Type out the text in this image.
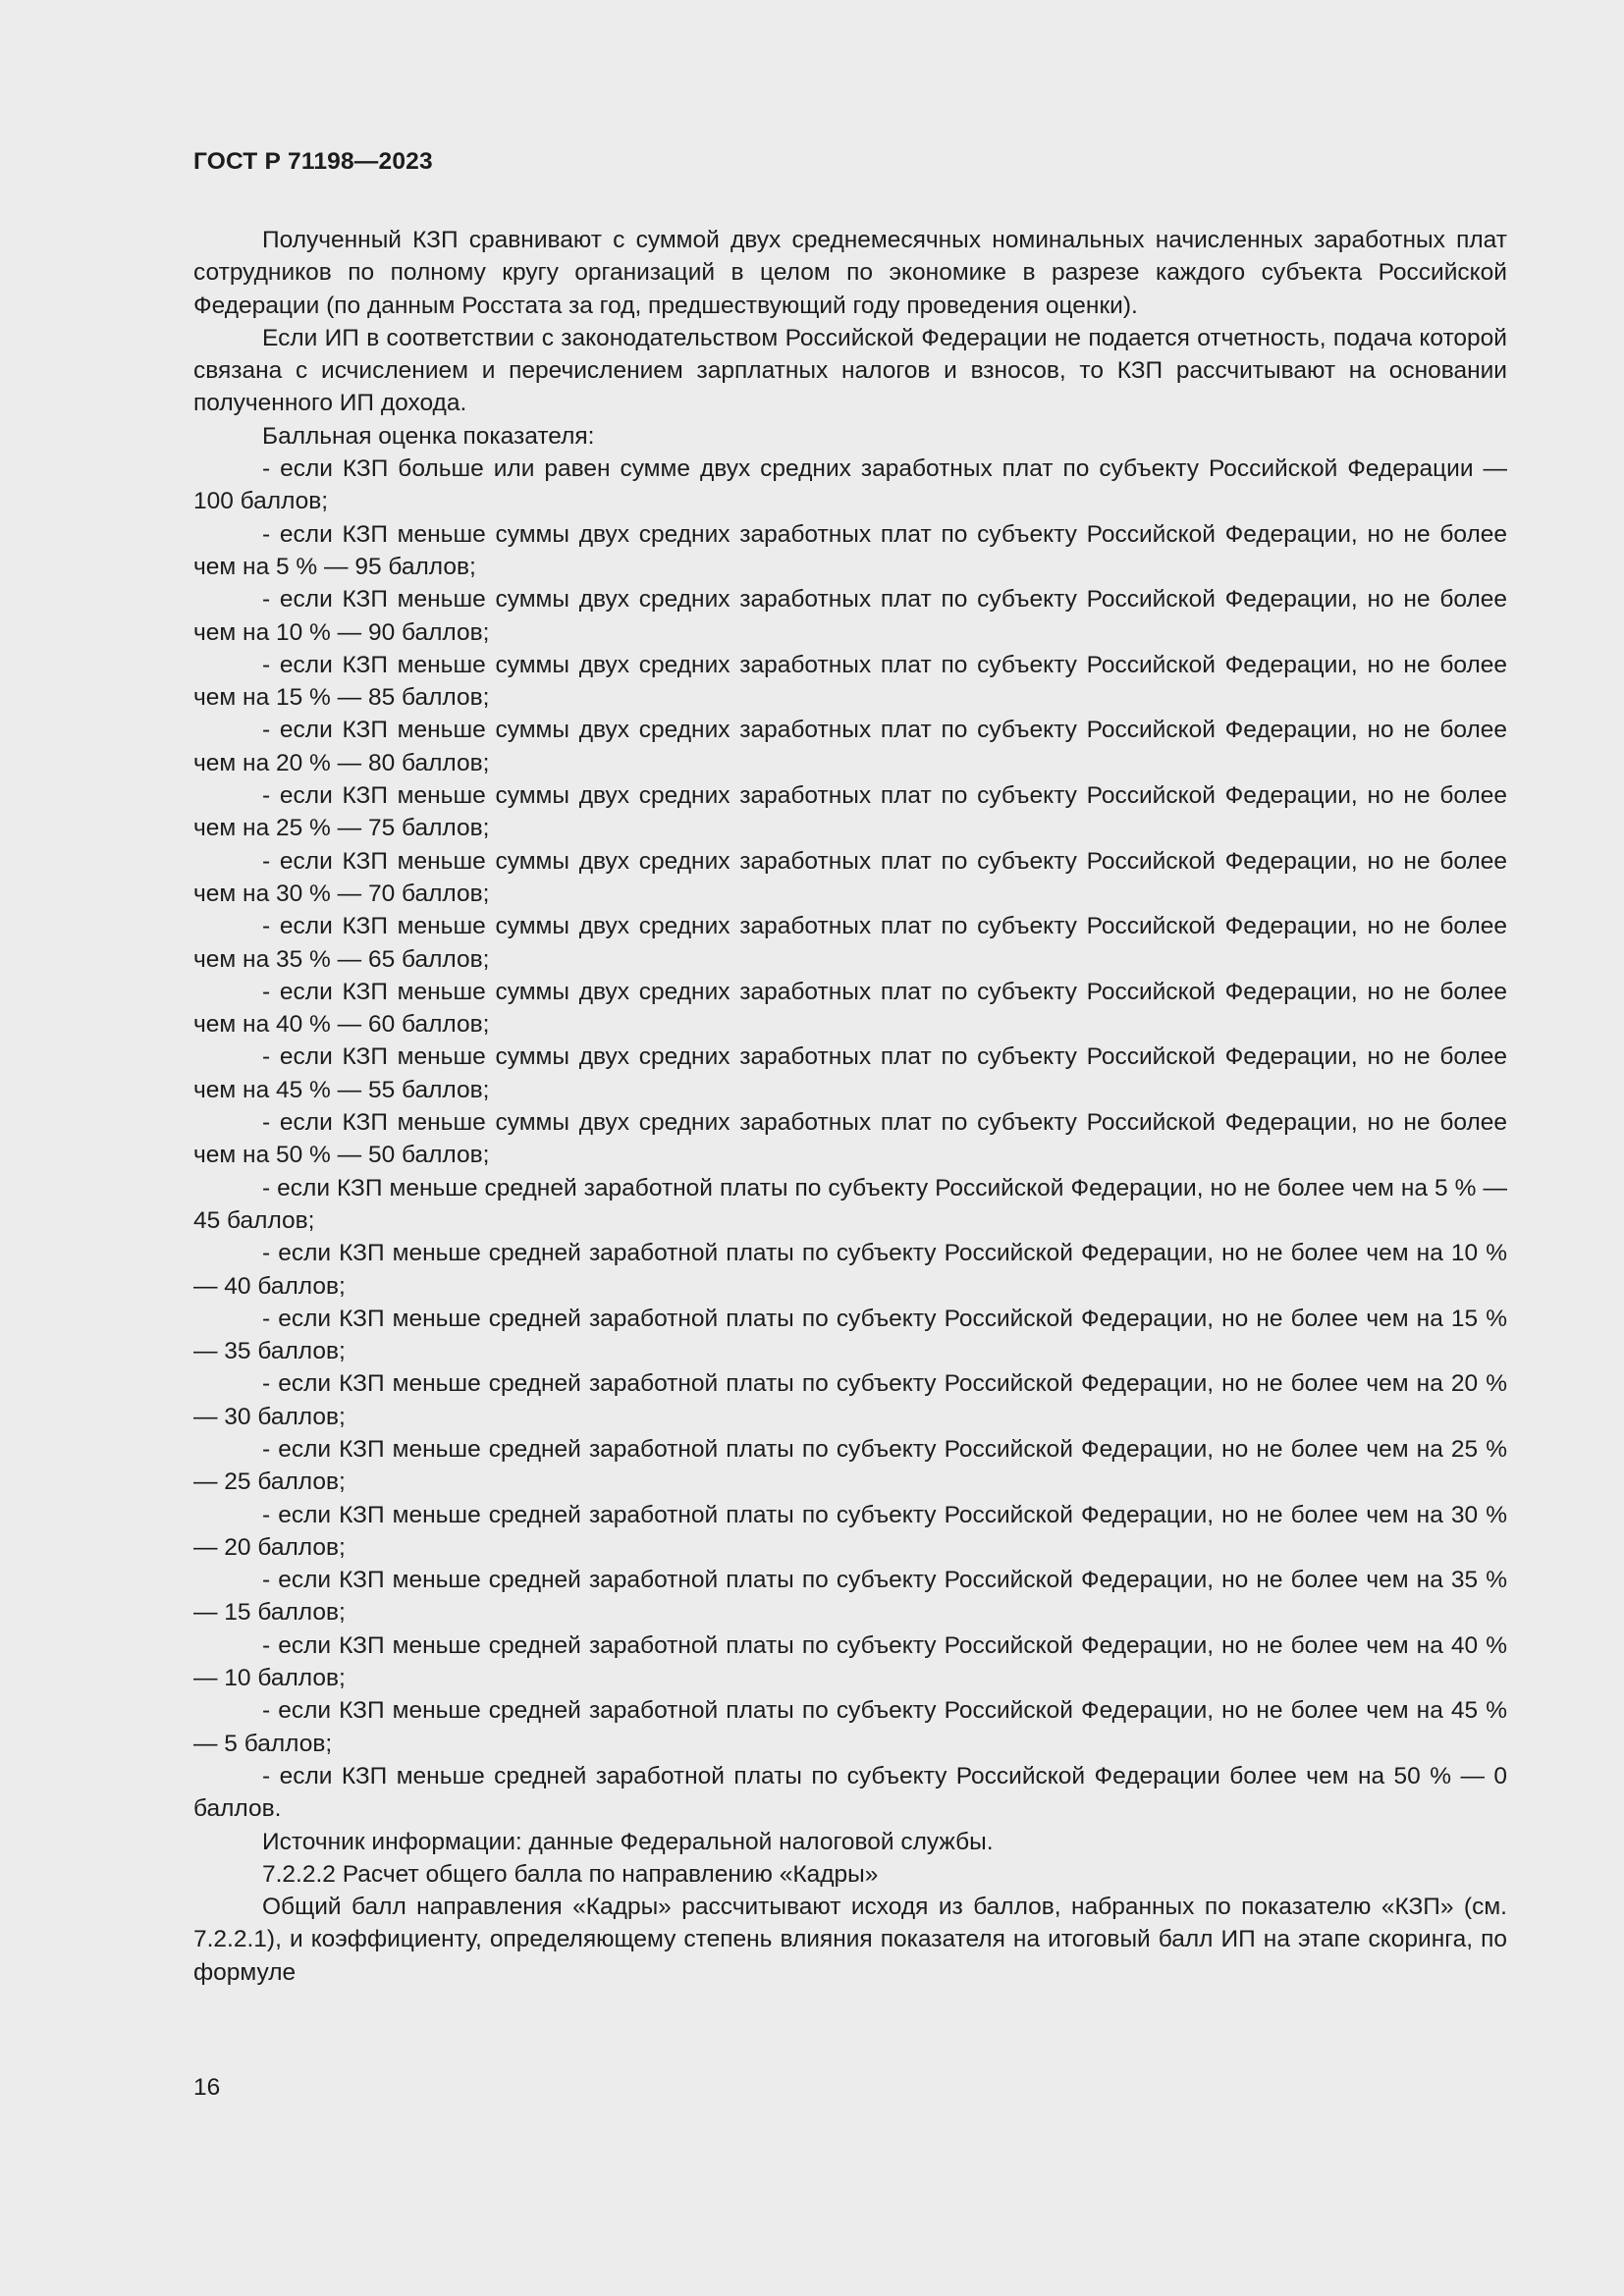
ГОСТ Р 71198—2023

Полученный КЗП сравнивают с суммой двух среднемесячных номинальных начисленных заработных плат сотрудников по полному кругу организаций в целом по экономике в разрезе каждого субъекта Российской Федерации (по данным Росстата за год, предшествующий году проведения оценки).

Если ИП в соответствии с законодательством Российской Федерации не подается отчетность, подача которой связана с исчислением и перечислением зарплатных налогов и взносов, то КЗП рассчитывают на основании полученного ИП дохода.

Балльная оценка показателя:

- если КЗП больше или равен сумме двух средних заработных плат по субъекту Российской Федерации — 100 баллов;

- если КЗП меньше суммы двух средних заработных плат по субъекту Российской Федерации, но не более чем на 5 % — 95 баллов;

- если КЗП меньше суммы двух средних заработных плат по субъекту Российской Федерации, но не более чем на 10 % — 90 баллов;

- если КЗП меньше суммы двух средних заработных плат по субъекту Российской Федерации, но не более чем на 15 % — 85 баллов;

- если КЗП меньше суммы двух средних заработных плат по субъекту Российской Федерации, но не более чем на 20 % — 80 баллов;

- если КЗП меньше суммы двух средних заработных плат по субъекту Российской Федерации, но не более чем на 25 % — 75 баллов;

- если КЗП меньше суммы двух средних заработных плат по субъекту Российской Федерации, но не более чем на 30 % — 70 баллов;

- если КЗП меньше суммы двух средних заработных плат по субъекту Российской Федерации, но не более чем на 35 % — 65 баллов;

- если КЗП меньше суммы двух средних заработных плат по субъекту Российской Федерации, но не более чем на 40 % — 60 баллов;

- если КЗП меньше суммы двух средних заработных плат по субъекту Российской Федерации, но не более чем на 45 % — 55 баллов;

- если КЗП меньше суммы двух средних заработных плат по субъекту Российской Федерации, но не более чем на 50 % — 50 баллов;

- если КЗП меньше средней заработной платы по субъекту Российской Федерации, но не более чем на 5 % — 45 баллов;

- если КЗП меньше средней заработной платы по субъекту Российской Федерации, но не более чем на 10 % — 40 баллов;

- если КЗП меньше средней заработной платы по субъекту Российской Федерации, но не более чем на 15 % — 35 баллов;

- если КЗП меньше средней заработной платы по субъекту Российской Федерации, но не более чем на 20 % — 30 баллов;

- если КЗП меньше средней заработной платы по субъекту Российской Федерации, но не более чем на 25 % — 25 баллов;

- если КЗП меньше средней заработной платы по субъекту Российской Федерации, но не более чем на 30 % — 20 баллов;

- если КЗП меньше средней заработной платы по субъекту Российской Федерации, но не более чем на 35 % — 15 баллов;

- если КЗП меньше средней заработной платы по субъекту Российской Федерации, но не более чем на 40 % — 10 баллов;

- если КЗП меньше средней заработной платы по субъекту Российской Федерации, но не более чем на 45 % — 5 баллов;

- если КЗП меньше средней заработной платы по субъекту Российской Федерации более чем на 50 % — 0 баллов.

Источник информации: данные Федеральной налоговой службы.

7.2.2.2 Расчет общего балла по направлению «Кадры»

Общий балл направления «Кадры» рассчитывают исходя из баллов, набранных по показателю «КЗП» (см. 7.2.2.1), и коэффициенту, определяющему степень влияния показателя на итоговый балл ИП на этапе скоринга, по формуле

16
